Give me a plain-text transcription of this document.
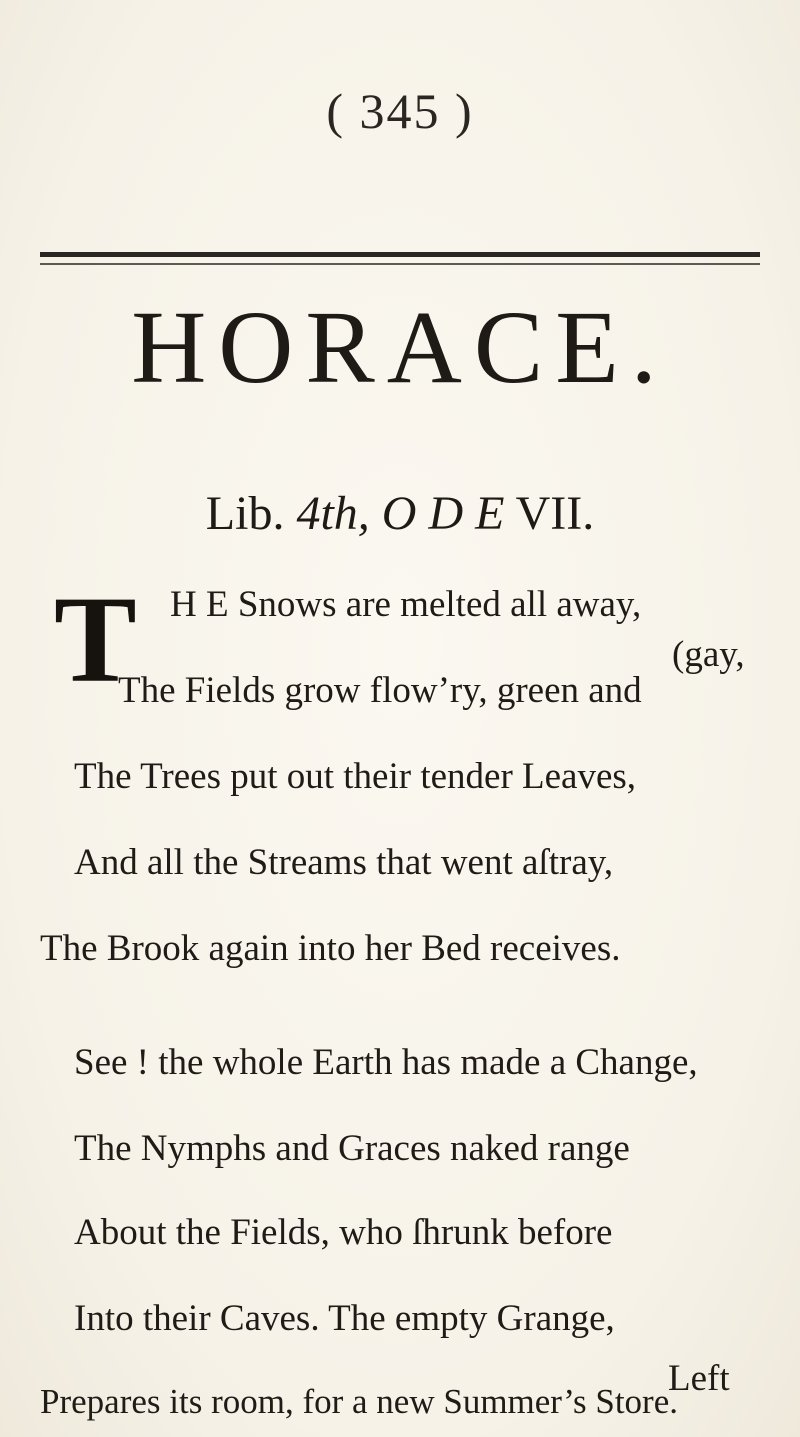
( 345 )
HORACE.
Lib. 4th, O D E VII.
T	(gay,
H E Snows are melted all away,
The Fields grow flow’ry, green and
The Trees put out their tender Leaves,
And all the Streams that went aſtray,
The Brook again into her Bed receives.
See ! the whole Earth has made a Change,
The Nymphs and Graces naked range
About the Fields, who ſhrunk before
Into their Caves. The empty Grange,
Prepares its room, for a new Summer’s Store.
Left
